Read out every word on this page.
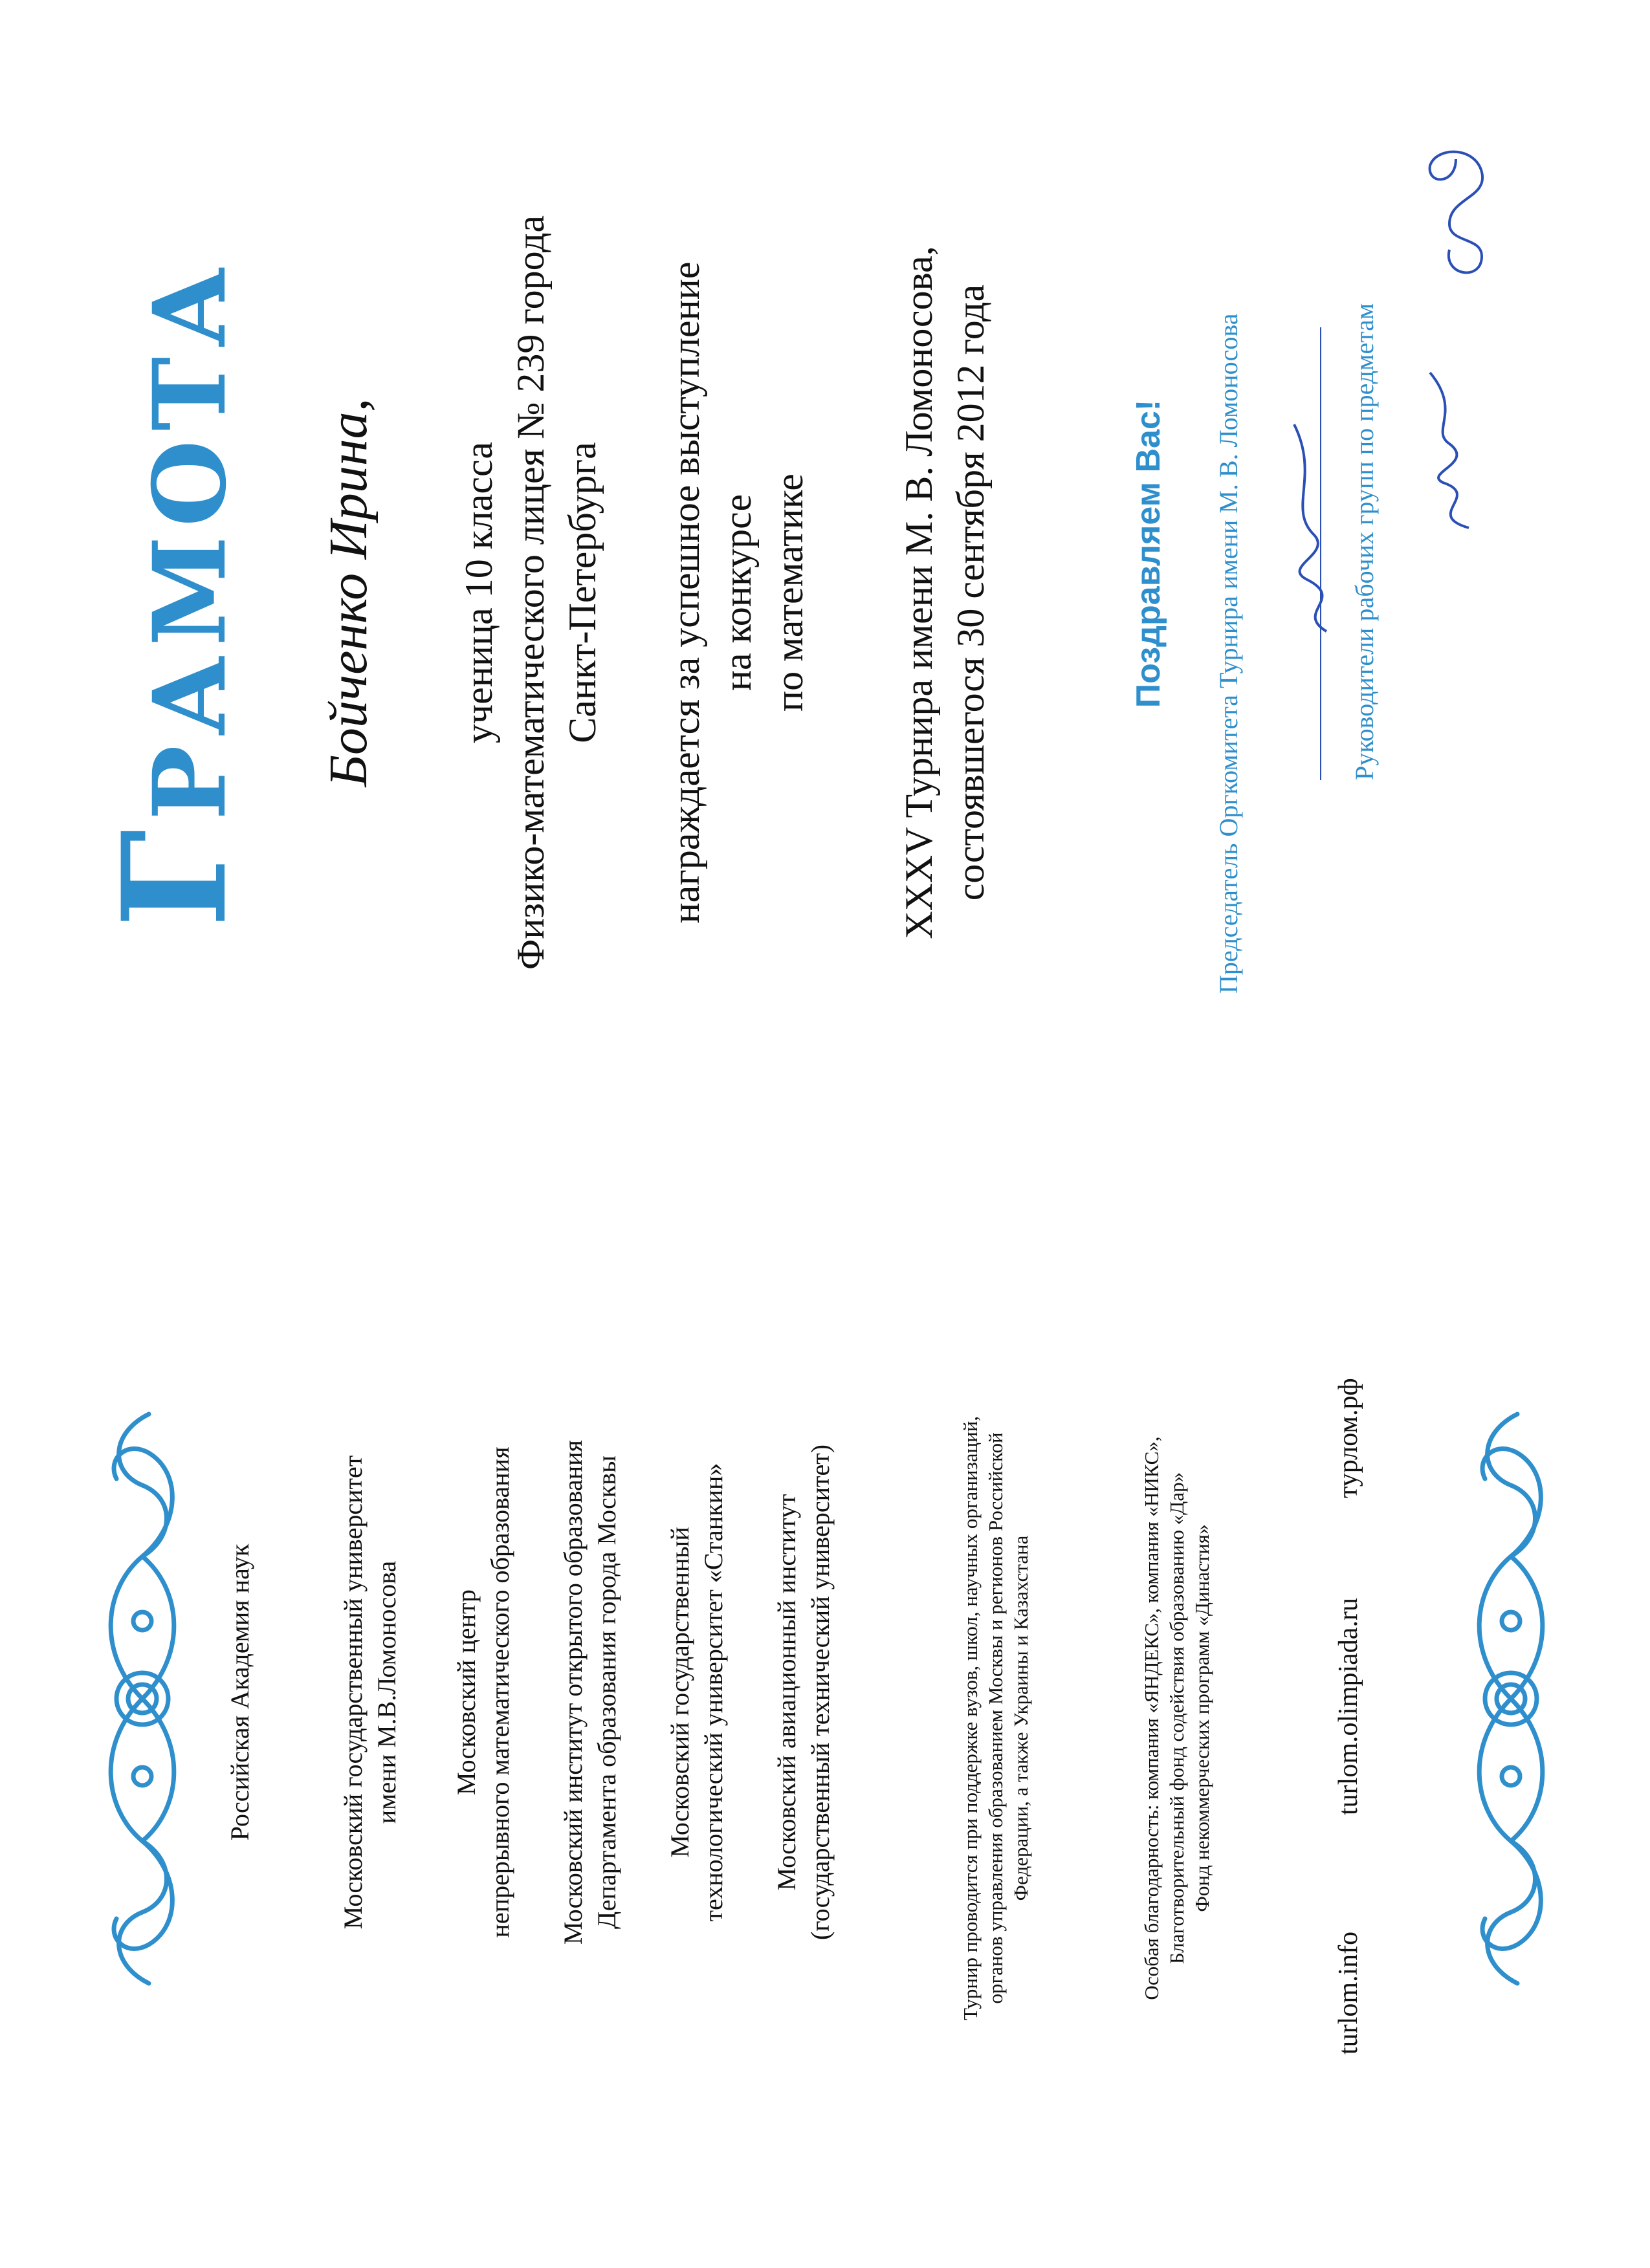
Российская Академия наук	Московский государственный университет имени М.В.Ломоносова Московский центр непрерывного математического образования Московский институт открытого образования Департамента образования города Москвы Московский государственный технологический университет «Станкин» Московский авиационный институт (государственный технический университет)	Турнир проводится при поддержке вузов, школ, научных организаций, органов управления образованием Москвы и регионов Российской Федерации, а также Украины и Казахстана	Особая благодарность: компания «ЯНДЕКС», компания «НИКС», Благотворительный фонд содействия образованию «Дар» Фонд некоммерческих программ «Династия»
turlom.info
turlom.olimpiada.ru
турлом.рф
Грамота Бойченко Ирина, ученица 10 класса Физико-математического лицея № 239 города Санкт-Петербурга награждается за успешное выступление на конкурсе по математике XXXV Турнира имени М. В. Ломоносова, состоявшегося 30 сентября 2012 года	Поздравляем Вас! Председатель Оргкомитета Турнира имени М. В. Ломоносова	Руководители рабочих групп по предметам
